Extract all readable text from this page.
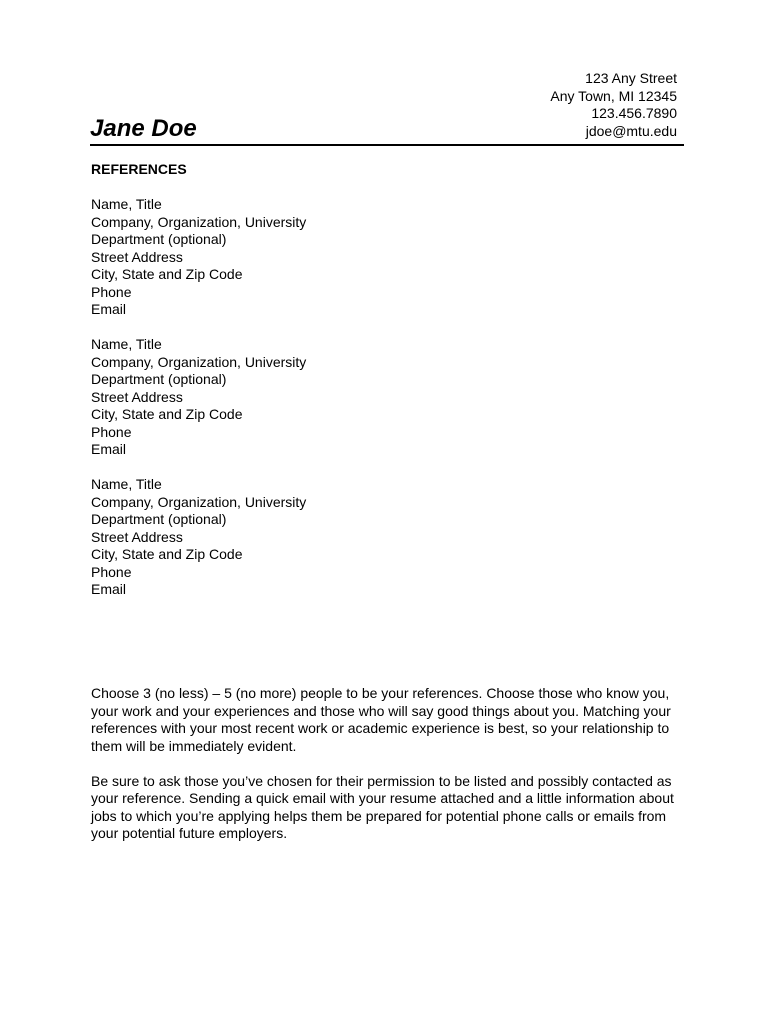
Jane Doe
123 Any Street
Any Town, MI 12345
123.456.7890
jdoe@mtu.edu
REFERENCES
Name, Title
Company, Organization, University
Department (optional)
Street Address
City, State and Zip Code
Phone
Email
Name, Title
Company, Organization, University
Department (optional)
Street Address
City, State and Zip Code
Phone
Email
Name, Title
Company, Organization, University
Department (optional)
Street Address
City, State and Zip Code
Phone
Email

Choose 3 (no less) – 5 (no more) people to be your references. Choose those who know you, your work and your experiences and those who will say good things about you. Matching your references with your most recent work or academic experience is best, so your relationship to them will be immediately evident.

Be sure to ask those you’ve chosen for their permission to be listed and possibly contacted as your reference. Sending a quick email with your resume attached and a little information about jobs to which you’re applying helps them be prepared for potential phone calls or emails from your potential future employers.
